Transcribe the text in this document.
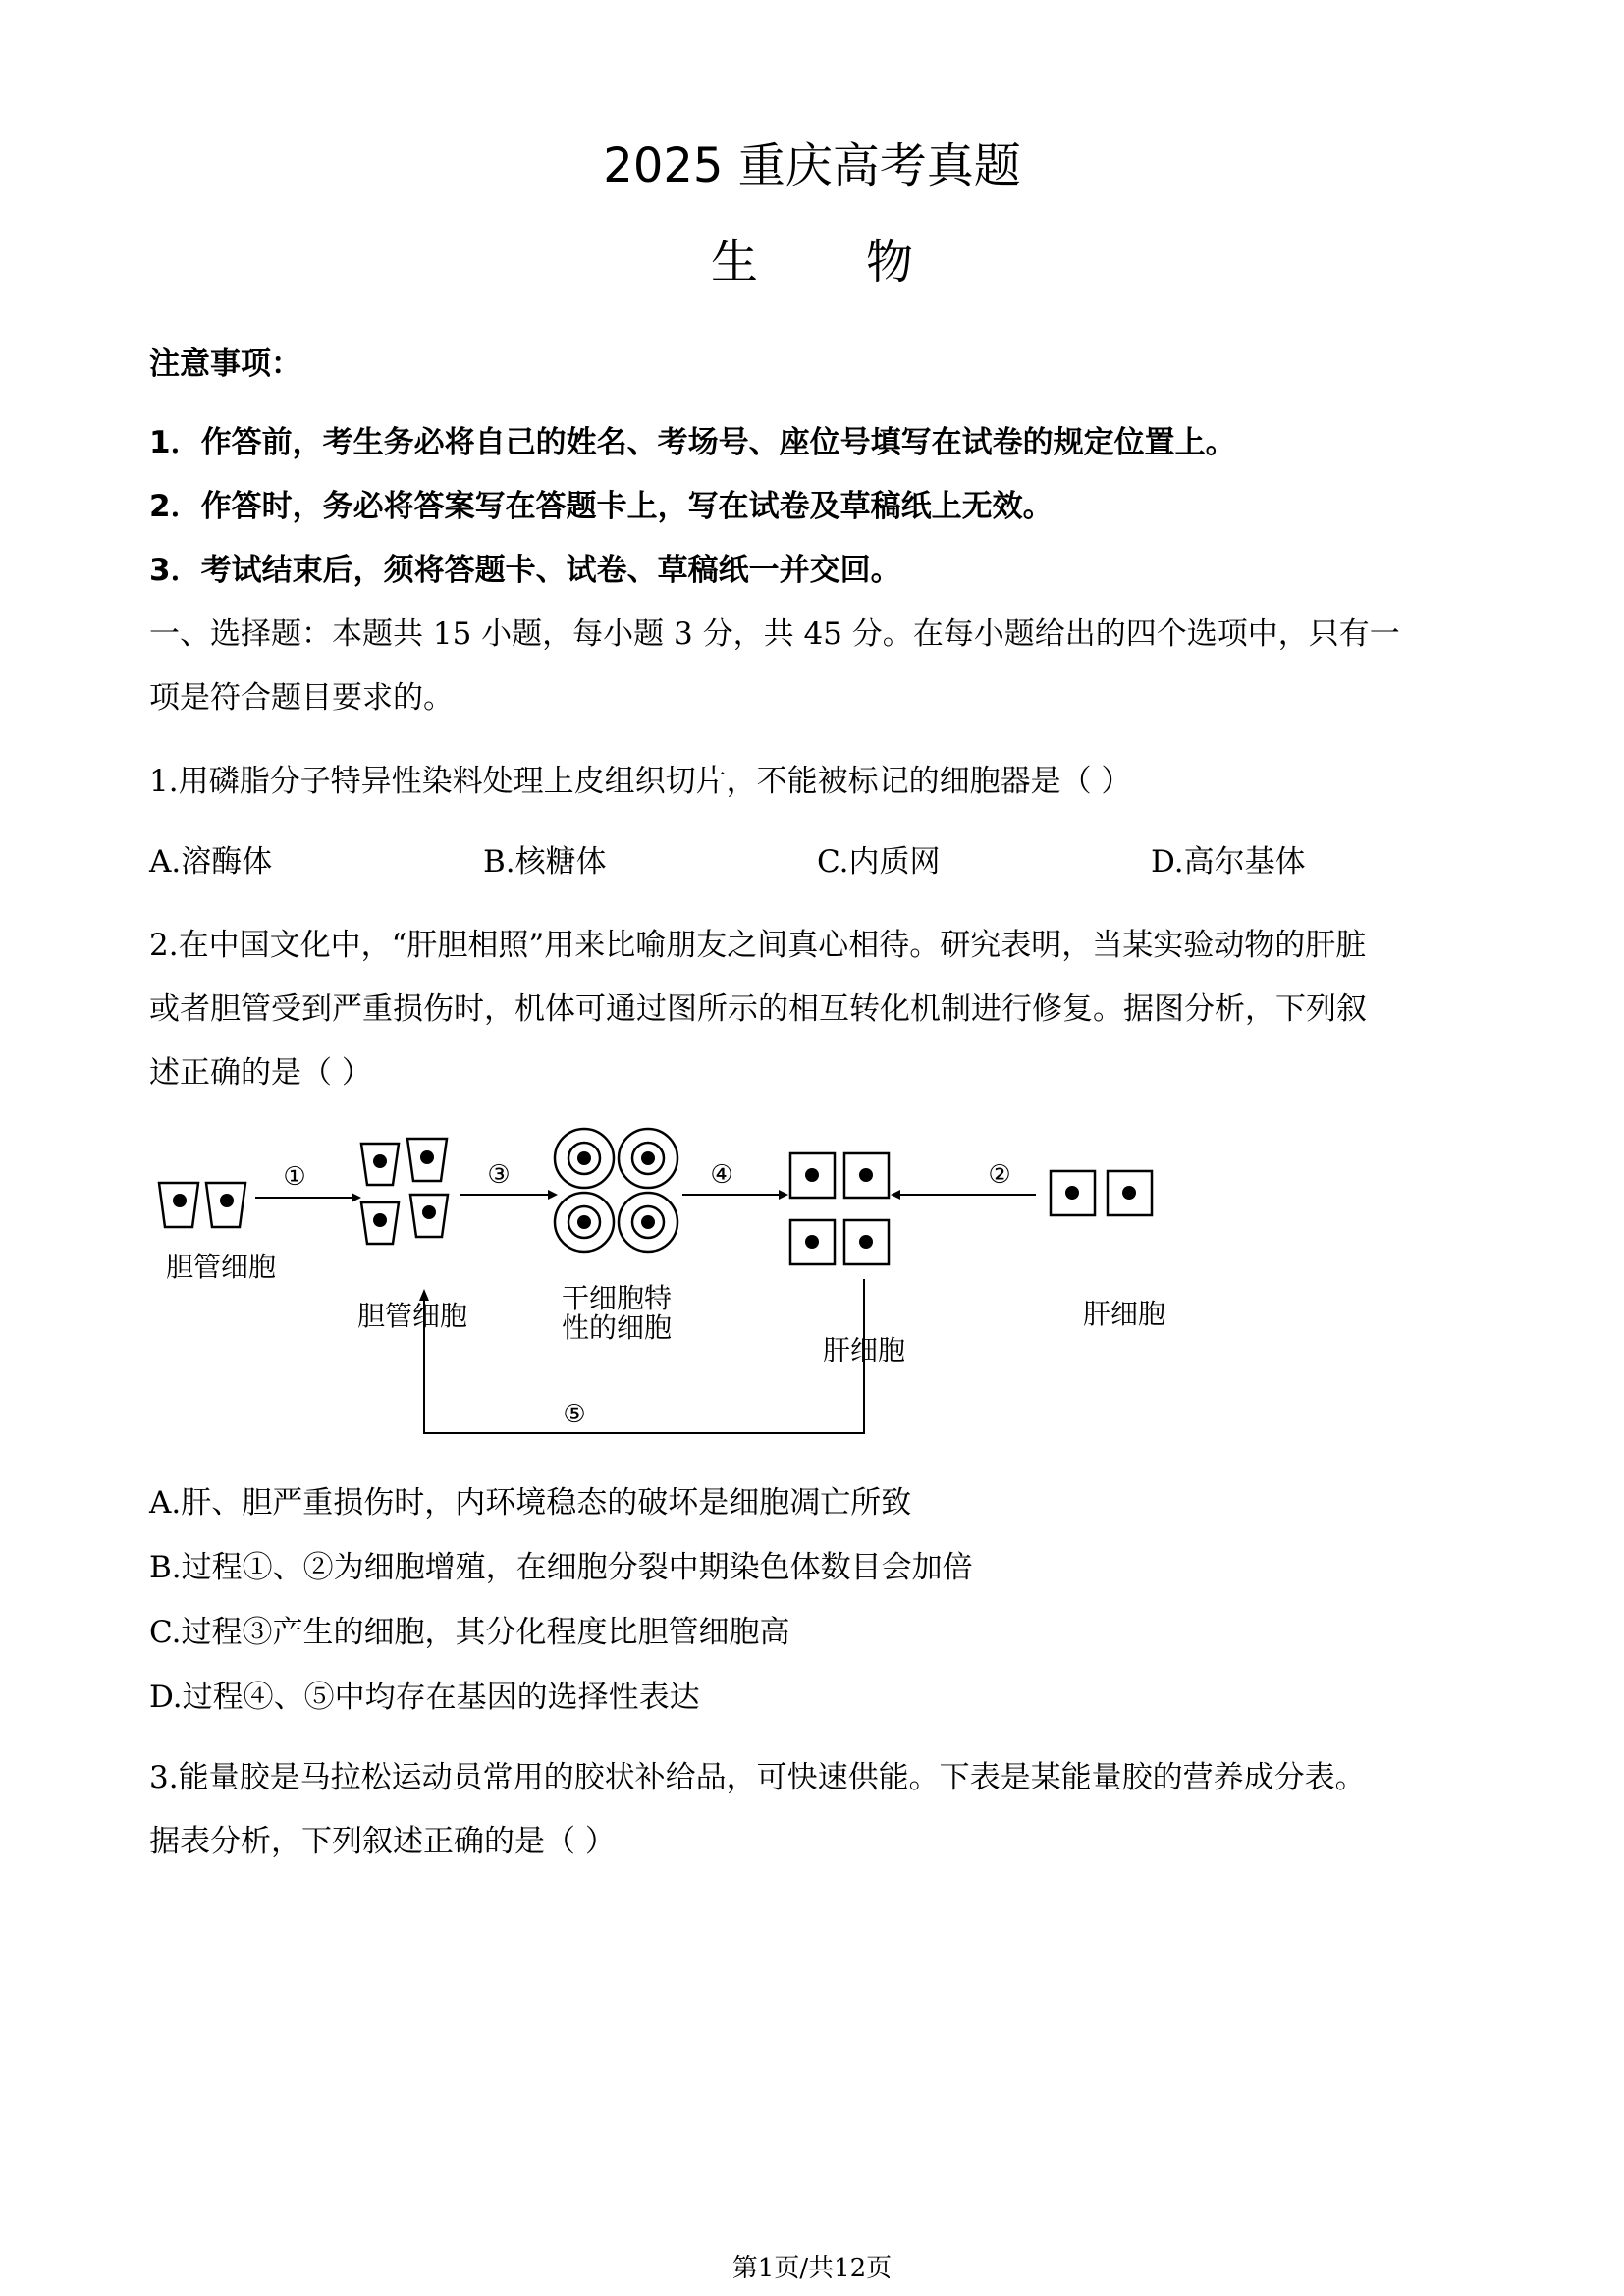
2025 重庆高考真题
生物
注意事项：
1．作答前，考生务必将自己的姓名、考场号、座位号填写在试卷的规定位置上。
2．作答时，务必将答案写在答题卡上，写在试卷及草稿纸上无效。
3．考试结束后，须将答题卡、试卷、草稿纸一并交回。
一、选择题：本题共 15 小题，每小题 3 分，共 45 分。在每小题给出的四个选项中，只有一
项是符合题目要求的。
1.用磷脂分子特异性染料处理上皮组织切片，不能被标记的细胞器是（ ）
A.溶酶体	B.核糖体	C.内质网	D.高尔基体
2.在中国文化中，“肝胆相照”用来比喻朋友之间真心相待。研究表明，当某实验动物的肝脏
或者胆管受到严重损伤时，机体可通过图所示的相互转化机制进行修复。据图分析，下列叙
述正确的是（ ）
①	②
③	④
⑤
胆管细胞
胆管细胞
干细胞特
性的细胞
肝细胞
肝细胞
A.肝、胆严重损伤时，内环境稳态的破坏是细胞凋亡所致
B.过程①、②为细胞增殖，在细胞分裂中期染色体数目会加倍
C.过程③产生的细胞，其分化程度比胆管细胞高
D.过程④、⑤中均存在基因的选择性表达
3.能量胶是马拉松运动员常用的胶状补给品，可快速供能。下表是某能量胶的营养成分表。
据表分析，下列叙述正确的是（ ）
第1页/共12页
